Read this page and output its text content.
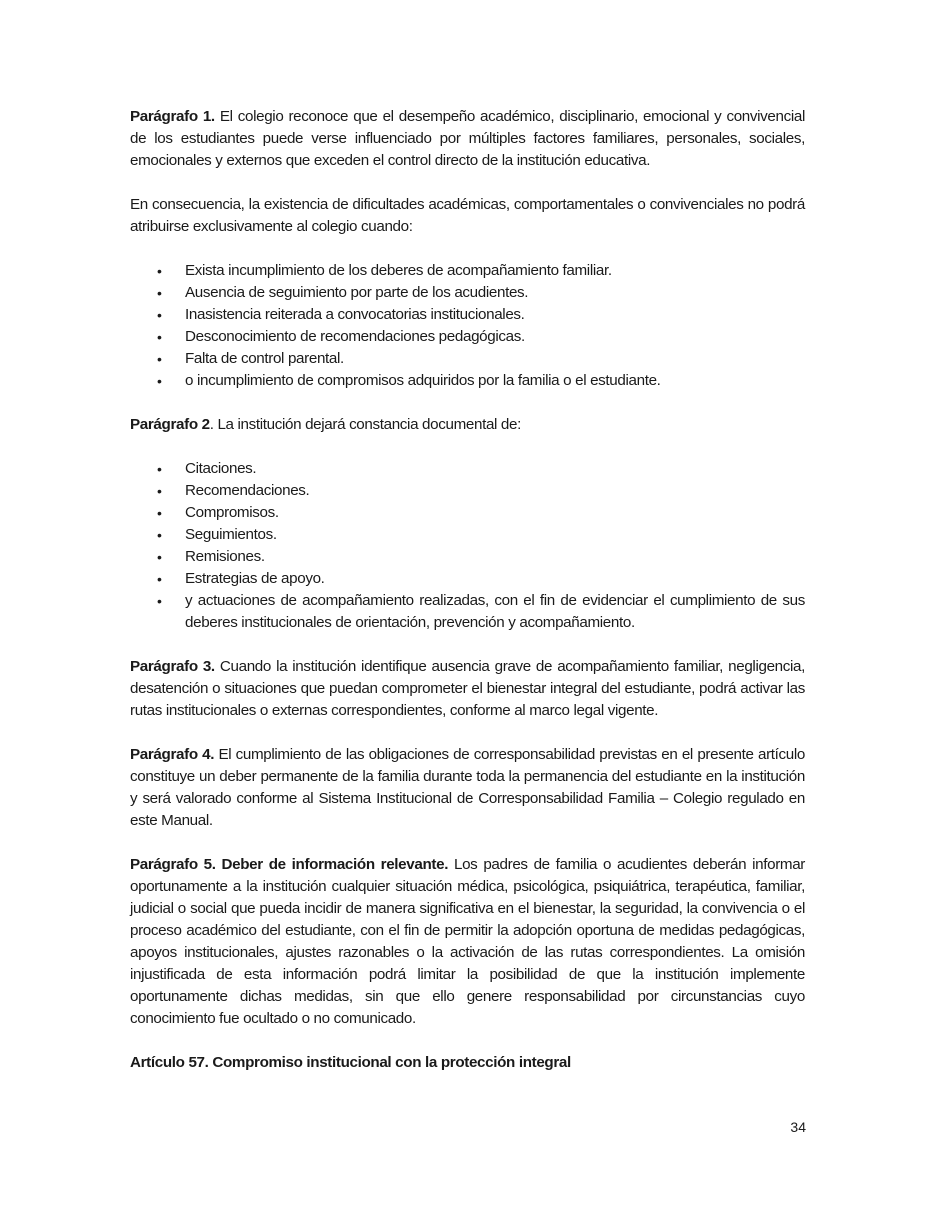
Parágrafo 1. El colegio reconoce que el desempeño académico, disciplinario, emocional y convivencial de los estudiantes puede verse influenciado por múltiples factores familiares, personales, sociales, emocionales y externos que exceden el control directo de la institución educativa.

En consecuencia, la existencia de dificultades académicas, comportamentales o convivenciales no podrá atribuirse exclusivamente al colegio cuando:

• Exista incumplimiento de los deberes de acompañamiento familiar.
• Ausencia de seguimiento por parte de los acudientes.
• Inasistencia reiterada a convocatorias institucionales.
• Desconocimiento de recomendaciones pedagógicas.
• Falta de control parental.
• o incumplimiento de compromisos adquiridos por la familia o el estudiante.

Parágrafo 2. La institución dejará constancia documental de:

• Citaciones.
• Recomendaciones.
• Compromisos.
• Seguimientos.
• Remisiones.
• Estrategias de apoyo.
• y actuaciones de acompañamiento realizadas, con el fin de evidenciar el cumplimiento de sus deberes institucionales de orientación, prevención y acompañamiento.

Parágrafo 3. Cuando la institución identifique ausencia grave de acompañamiento familiar, negligencia, desatención o situaciones que puedan comprometer el bienestar integral del estudiante, podrá activar las rutas institucionales o externas correspondientes, conforme al marco legal vigente.

Parágrafo 4. El cumplimiento de las obligaciones de corresponsabilidad previstas en el presente artículo constituye un deber permanente de la familia durante toda la permanencia del estudiante en la institución y será valorado conforme al Sistema Institucional de Corresponsabilidad Familia – Colegio regulado en este Manual.

Parágrafo 5. Deber de información relevante. Los padres de familia o acudientes deberán informar oportunamente a la institución cualquier situación médica, psicológica, psiquiátrica, terapéutica, familiar, judicial o social que pueda incidir de manera significativa en el bienestar, la seguridad, la convivencia o el proceso académico del estudiante, con el fin de permitir la adopción oportuna de medidas pedagógicas, apoyos institucionales, ajustes razonables o la activación de las rutas correspondientes. La omisión injustificada de esta información podrá limitar la posibilidad de que la institución implemente oportunamente dichas medidas, sin que ello genere responsabilidad por circunstancias cuyo conocimiento fue ocultado o no comunicado.

Artículo 57. Compromiso institucional con la protección integral

34
